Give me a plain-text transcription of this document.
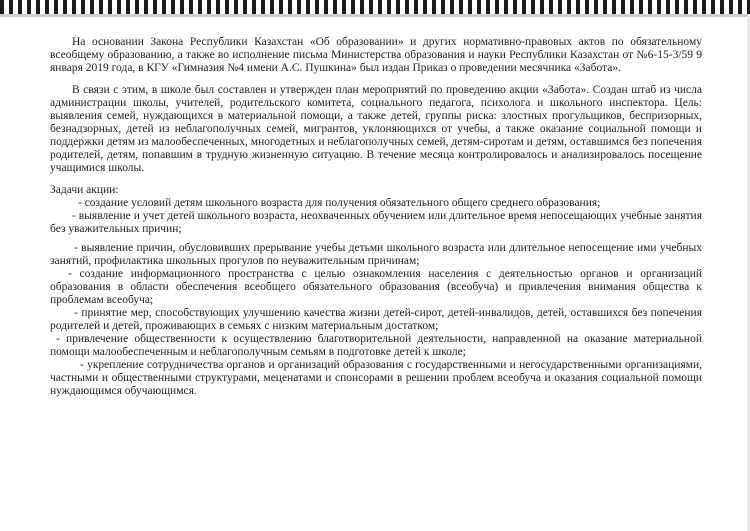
На основании Закона Республики Казахстан «Об образовании» и других нормативно-правовых актов по обязательному всеобщему образованию, а также во исполнение письма Министерства образования и науки Республики Казахстан от №6-15-3/59 9 января 2019 года, в КГУ «Гимназия №4 имени А.С. Пушкина» был издан Приказ о проведении месячника «Забота».

В связи с этим, в школе был составлен и утвержден план мероприятий по проведению акции «Забота». Создан штаб из числа администрации школы, учителей, родительского комитета, социального педагога, психолога и школьного инспектора. Цель: выявления семей, нуждающихся в материальной помощи, а также детей, группы риска: злостных прогульщиков, беспризорных, безнадзорных, детей из неблагополучных семей, мигрантов, уклоняющихся от учебы, а также оказание социальной помощи и поддержки детям из малообеспеченных, многодетных и неблагополучных семей, детям-сиротам и детям, оставшимся без попечения родителей, детям, попавшим в трудную жизненную ситуацию. В течение месяца контролировалось и анализировалось посещение учащимися школы.

Задачи акции:

- создание условий детям школьного возраста для получения обязательного общего среднего образования;

- выявление и учет детей школьного возраста, неохваченных обучением или длительное время непосещающих учебные занятия без уважительных причин;

- выявление причин, обусловивших прерывание учебы детьми школьного возраста или длительное непосещение ими учебных занятий, профилактика школьных прогулов по неуважительным причинам;

- создание информационного пространства с целью ознакомления населения с деятельностью органов и организаций образования в области обеспечения всеобщего обязательного образования (всеобуча) и привлечения внимания общества к проблемам всеобуча;

- принятие мер, способствующих улучшению качества жизни детей-сирот, детей-инвалидов, детей, оставшихся без попечения родителей и детей, проживающих в семьях с низким материальным достатком;

- привлечение общественности к осуществлению благотворительной деятельности, направленной на оказание материальной помощи малообеспеченным и неблагополучным семьям в подготовке детей к школе;

- укрепление сотрудничества органов и организаций образования с государственными и негосударственными организациями, частными и общественными структурами, меценатами и спонсорами в решении проблем всеобуча и оказания социальной помощи нуждающимся обучающимся.
